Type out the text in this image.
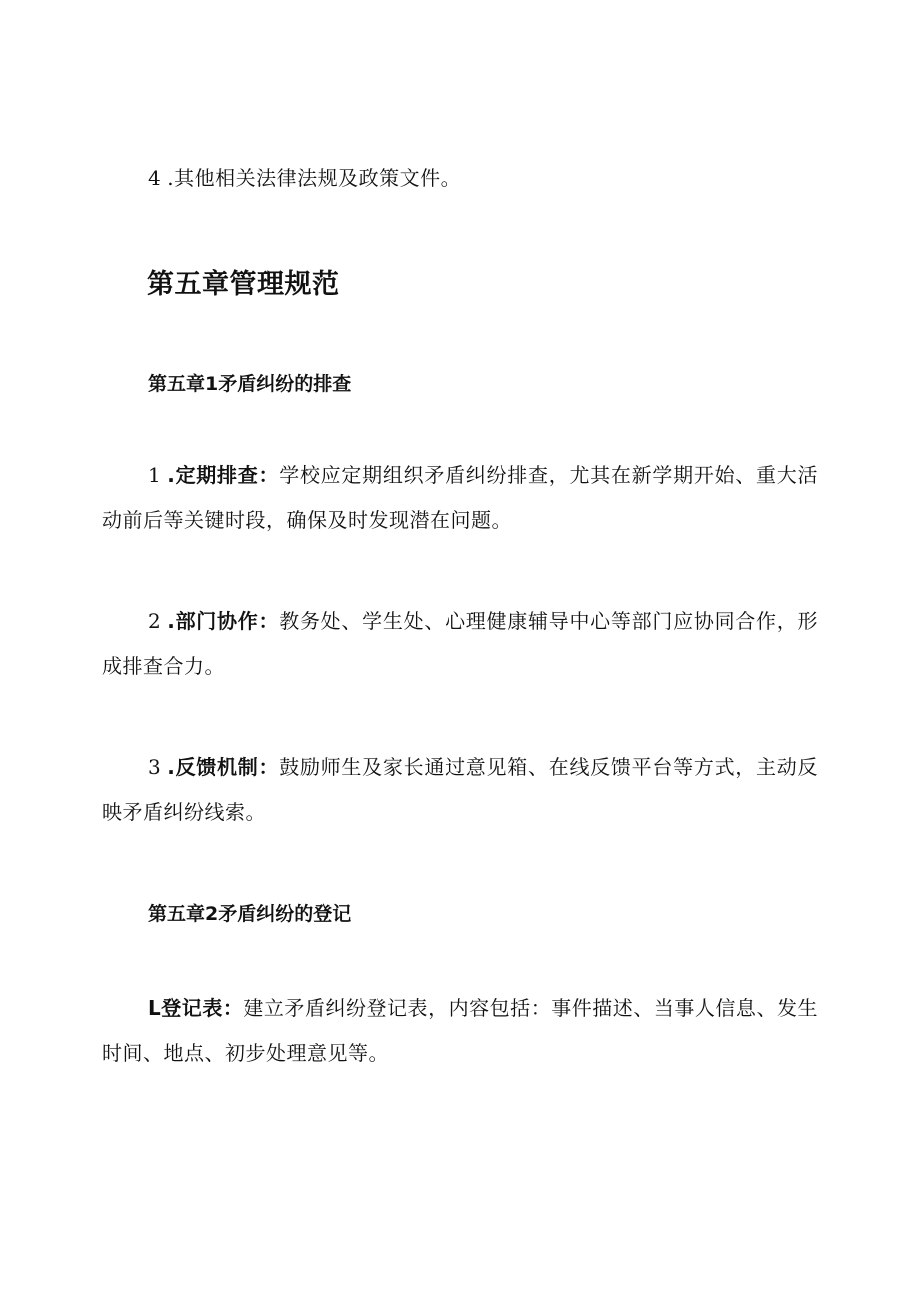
4 .其他相关法律法规及政策文件。

第五章管理规范
第五章1矛盾纠纷的排查

1 .定期排查：学校应定期组织矛盾纠纷排查，尤其在新学期开始、重大活动前后等关键时段，确保及时发现潜在问题。

2 .部门协作：教务处、学生处、心理健康辅导中心等部门应协同合作，形成排查合力。

3 .反馈机制：鼓励师生及家长通过意见箱、在线反馈平台等方式，主动反映矛盾纠纷线索。

第五章2矛盾纠纷的登记

L登记表：建立矛盾纠纷登记表，内容包括：事件描述、当事人信息、发生时间、地点、初步处理意见等。
